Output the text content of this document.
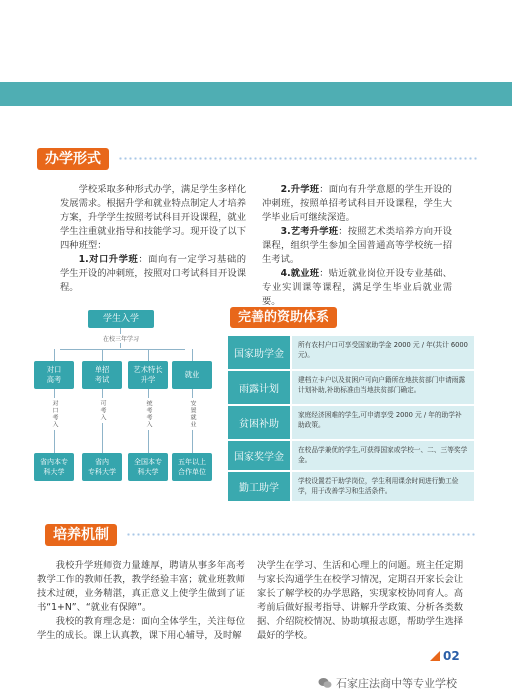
办学形式

学校采取多种形式办学，满足学生多样化发展需求。根据升学和就业特点制定人才培养方案，升学学生按照考试科目开设课程，就业学生注重就业指导和技能学习。现开设了以下四种班型：

1.对口升学班：面向有一定学习基础的学生开设的冲刺班，按照对口考试科目开设课程。

2.升学班：面向有升学意愿的学生开设的冲刺班，按照单招考试科目开设课程，学生大学毕业后可继续深造。

3.艺考升学班：按照艺术类培养方向开设课程，组织学生参加全国普通高等学校统一招生考试。

4.就业班：贴近就业岗位开设专业基础、专业实训课等课程，满足学生毕业后就业需要。

学生入学
在校三年学习
对口
高考
对口考入
省内本专
科大学
单招
考试
可考入
省内
专科大学
艺术特长
升学
统考考入
全国本专
科大学
就业
安置就业
五年以上
合作单位
完善的资助体系
国家助学金
所有农村户口可享受国家助学金 2000 元 / 年(共计 6000元)。
雨露计划
建档立卡户以及贫困户可向户籍所在地扶贫部门申请雨露计划补助,补助标准由当地扶贫部门确定。
贫困补助
家庭经济困难的学生,可申请享受 2000 元 / 年的助学补助政策。
国家奖学金
在校品学兼优的学生,可获得国家或学校一、二、三等奖学金。
勤工助学
学校设置若干助学岗位，学生利用课余时间进行勤工俭学，用于改善学习和生活条件。
培养机制

我校升学班师资力量雄厚，聘请从事多年高考教学工作的教师任教，教学经验丰富；就业班教师技术过硬，业务精湛，真正意义上使学生做到了证书“1+N”、“就业有保障”。

我校的教育理念是：面向全体学生，关注每位学生的成长。课上认真教，课下用心辅导，及时解

决学生在学习、生活和心理上的问题。班主任定期与家长沟通学生在校学习情况，定期召开家长会让家长了解学校的办学思路，实现家校协同育人。高考前后做好报考指导、讲解升学政策、分析各类数据、介绍院校情况、协助填报志愿，帮助学生选择最好的学校。

02
石家庄法商中等专业学校
